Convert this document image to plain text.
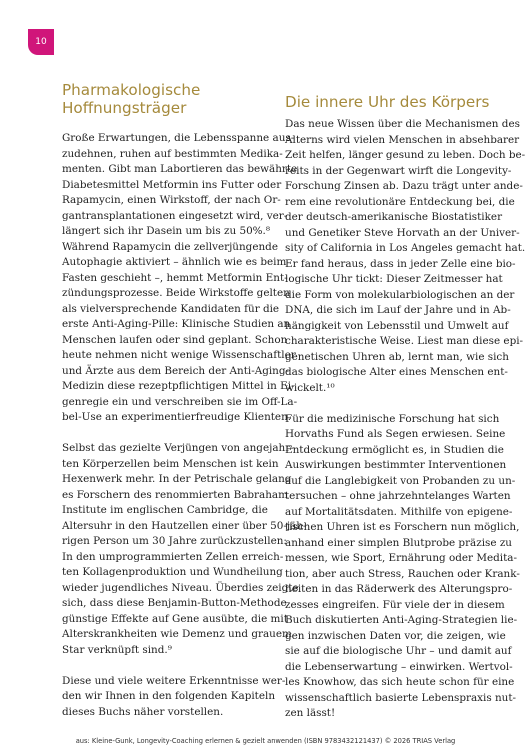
10
Pharmakologische
Hoffnungsträger
Große Erwartungen, die Lebensspanne aus-
zudehnen, ruhen auf bestimmten Medika-
menten. Gibt man Labortieren das bewährte
Diabetesmittel Metformin ins Futter oder
Rapamycin, einen Wirkstoff, der nach Or-
gantransplantationen eingesetzt wird, ver-
längert sich ihr Dasein um bis zu 50%.⁸
Während Rapamycin die zellverjüngende
Autophagie aktiviert – ähnlich wie es beim
Fasten geschieht –, hemmt Metformin Ent-
zündungsprozesse. Beide Wirkstoffe gelten
als vielversprechende Kandidaten für die
erste Anti-Aging-Pille: Klinische Studien an
Menschen laufen oder sind geplant. Schon
heute nehmen nicht wenige Wissenschaftler
und Ärzte aus dem Bereich der Anti-Aging-
Medizin diese rezeptpflichtigen Mittel in Ei-
genregie ein und verschreiben sie im Off-La-
bel-Use an experimentierfreudige Klienten.
Selbst das gezielte Verjüngen von angejahr-
ten Körperzellen beim Menschen ist kein
Hexenwerk mehr. In der Petrischale gelang
es Forschern des renommierten Babraham
Institute im englischen Cambridge, die
Altersuhr in den Hautzellen einer über 50-jäh-
rigen Person um 30 Jahre zurückzustellen:
In den umprogrammierten Zellen erreich-
ten Kollagenproduktion und Wundheilung
wieder jugendliches Niveau. Überdies zeigte
sich, dass diese Benjamin-Button-Methode
günstige Effekte auf Gene ausübte, die mit
Alterskrankheiten wie Demenz und grauem
Star verknüpft sind.⁹
Diese und viele weitere Erkenntnisse wer-
den wir Ihnen in den folgenden Kapiteln
dieses Buchs näher vorstellen.
Die innere Uhr des Körpers
Das neue Wissen über die Mechanismen des
Alterns wird vielen Menschen in absehbarer
Zeit helfen, länger gesund zu leben. Doch be-
reits in der Gegenwart wirft die Longevity-
Forschung Zinsen ab. Dazu trägt unter ande-
rem eine revolutionäre Entdeckung bei, die
der deutsch-amerikanische Biostatistiker
und Genetiker Steve Horvath an der Univer-
sity of California in Los Angeles gemacht hat.
Er fand heraus, dass in jeder Zelle eine bio-
logische Uhr tickt: Dieser Zeitmesser hat
die Form von molekularbiologischen an der
DNA, die sich im Lauf der Jahre und in Ab-
hängigkeit von Lebensstil und Umwelt auf
charakteristische Weise. Liest man diese epi-
genetischen Uhren ab, lernt man, wie sich
das biologische Alter eines Menschen ent-
wickelt.¹⁰
Für die medizinische Forschung hat sich
Horvaths Fund als Segen erwiesen. Seine
Entdeckung ermöglicht es, in Studien die
Auswirkungen bestimmter Interventionen
auf die Langlebigkeit von Probanden zu un-
tersuchen – ohne jahrzehntelanges Warten
auf Mortalitätsdaten. Mithilfe von epigene-
tischen Uhren ist es Forschern nun möglich,
anhand einer simplen Blutprobe präzise zu
messen, wie Sport, Ernährung oder Medita-
tion, aber auch Stress, Rauchen oder Krank-
heiten in das Räderwerk des Alterungspro-
zesses eingreifen. Für viele der in diesem
Buch diskutierten Anti-Aging-Strategien lie-
gen inzwischen Daten vor, die zeigen, wie
sie auf die biologische Uhr – und damit auf
die Lebenserwartung – einwirken. Wertvol-
les Knowhow, das sich heute schon für eine
wissenschaftlich basierte Lebenspraxis nut-
zen lässt!
aus: Kleine-Gunk, Longevity-Coaching erlernen & gezielt anwenden (ISBN 9783432121437) © 2026 TRIAS Verlag
